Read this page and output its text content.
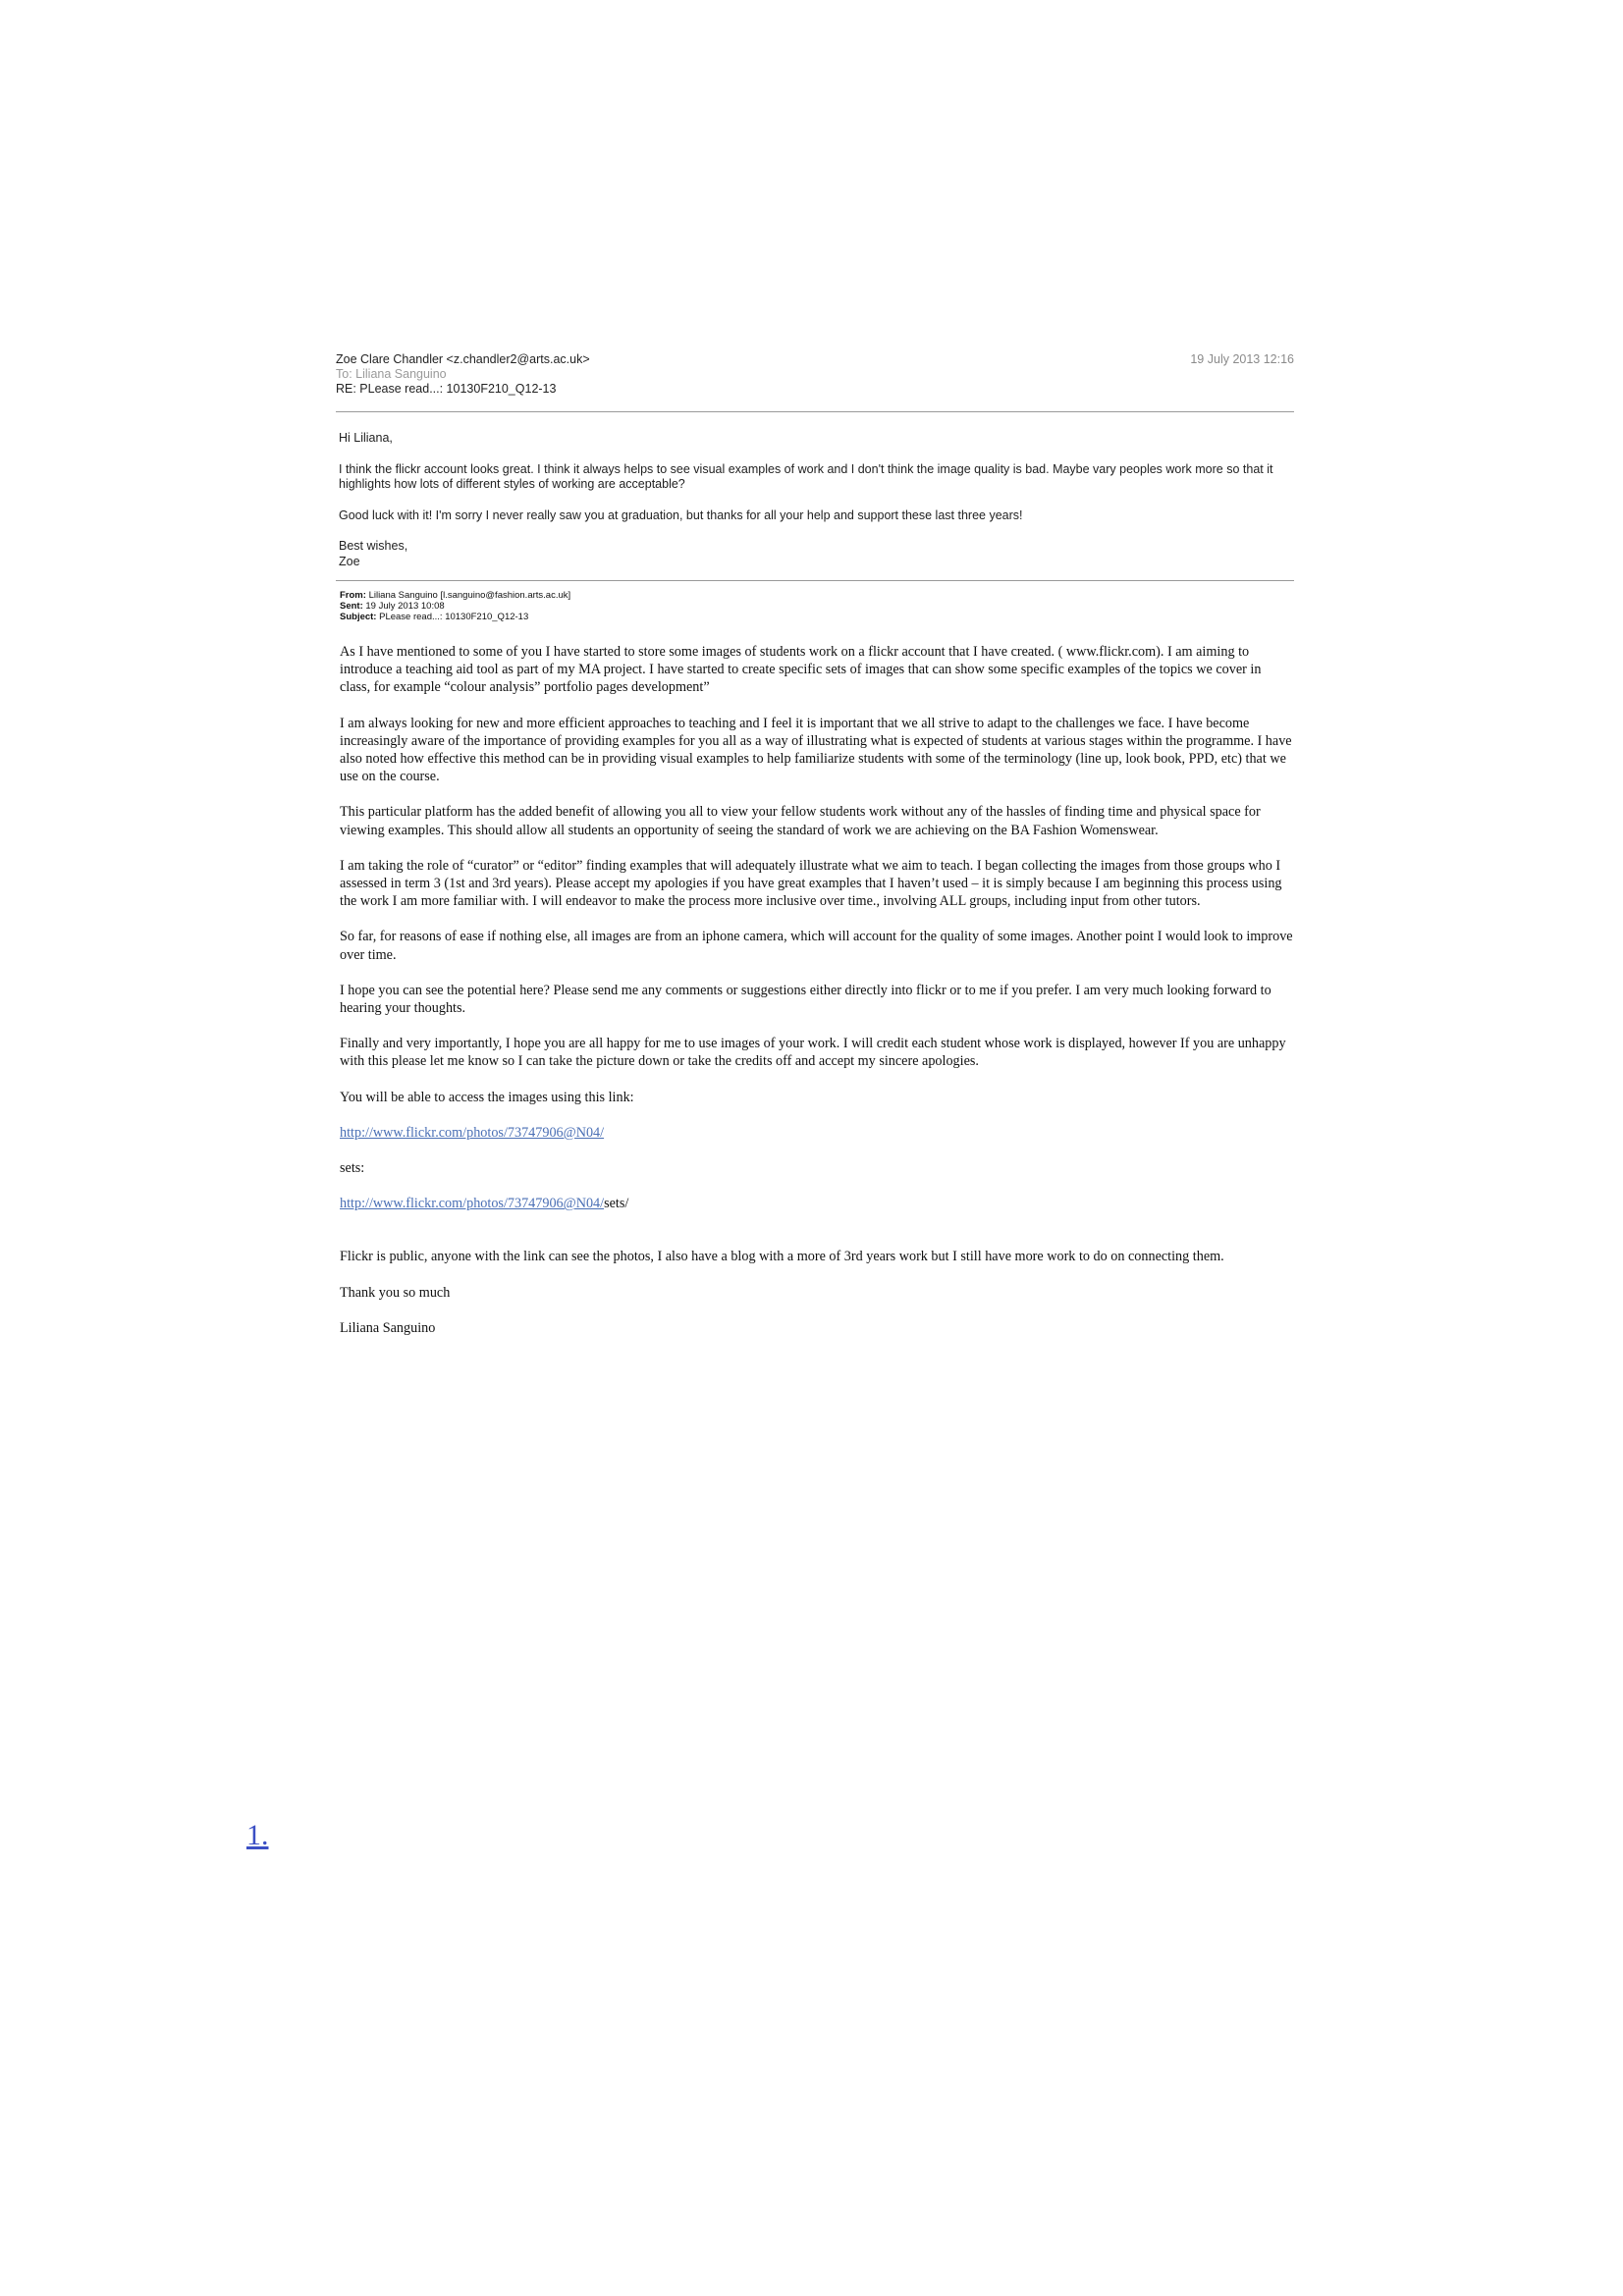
Zoe Clare Chandler <z.chandler2@arts.ac.uk>
To: Liliana Sanguino
RE: PLease read...: 10130F210_Q12-13
19 July 2013 12:16

Hi Liliana,

I think the flickr account looks great. I think it always helps to see visual examples of work and I don't think the image quality is bad. Maybe vary peoples work more so that it highlights how lots of different styles of working are acceptable?

Good luck with it! I'm sorry I never really saw you at graduation, but thanks for all your help and support these last three years!

Best wishes,
Zoe
From: Liliana Sanguino [l.sanguino@fashion.arts.ac.uk]
Sent: 19 July 2013 10:08
Subject: PLease read...: 10130F210_Q12-13

As I have mentioned to some of you I have started to store some images of students work on a flickr account that I have created. ( www.flickr.com). I am aiming to introduce a teaching aid tool as part of my MA project. I have started to create specific sets of images that can show some specific examples of the topics we cover in class, for example “colour analysis” portfolio pages development”

I am always looking for new and more efficient approaches to teaching and I feel it is important that we all strive to adapt to the challenges we face. I have become increasingly aware of the importance of providing examples for you all as a way of illustrating what is expected of students at various stages within the programme. I have also noted how effective this method can be in providing visual examples to help familiarize students with some of the terminology (line up, look book, PPD, etc) that we use on the course.

This particular platform has the added benefit of allowing you all to view your fellow students work without any of the hassles of finding time and physical space for viewing examples. This should allow all students an opportunity of seeing the standard of work we are achieving on the BA Fashion Womenswear.

I am taking the role of “curator” or “editor” finding examples that will adequately illustrate what we aim to teach. I began collecting the images from those groups who I assessed in term 3 (1st and 3rd years). Please accept my apologies if you have great examples that I haven’t used – it is simply because I am beginning this process using the work I am more familiar with. I will endeavor to make the process more inclusive over time., involving ALL groups, including input from other tutors.

So far, for reasons of ease if nothing else, all images are from an iphone camera, which will account for the quality of some images. Another point I would look to improve over time.

I hope you can see the potential here? Please send me any comments or suggestions either directly into flickr or to me if you prefer. I am very much looking forward to hearing your thoughts.

Finally and very importantly, I hope you are all happy for me to use images of your work. I will credit each student whose work is displayed, however If you are unhappy with this please let me know so I can take the picture down or take the credits off and accept my sincere apologies.

You will be able to access the images using this link:

http://www.flickr.com/photos/73747906@N04/

sets:

http://www.flickr.com/photos/73747906@N04/sets/

Flickr is public, anyone with the link can see the photos, I also have a blog with a more of 3rd years work but I still have more work to do on connecting them.

Thank you so much

Liliana Sanguino

1.
